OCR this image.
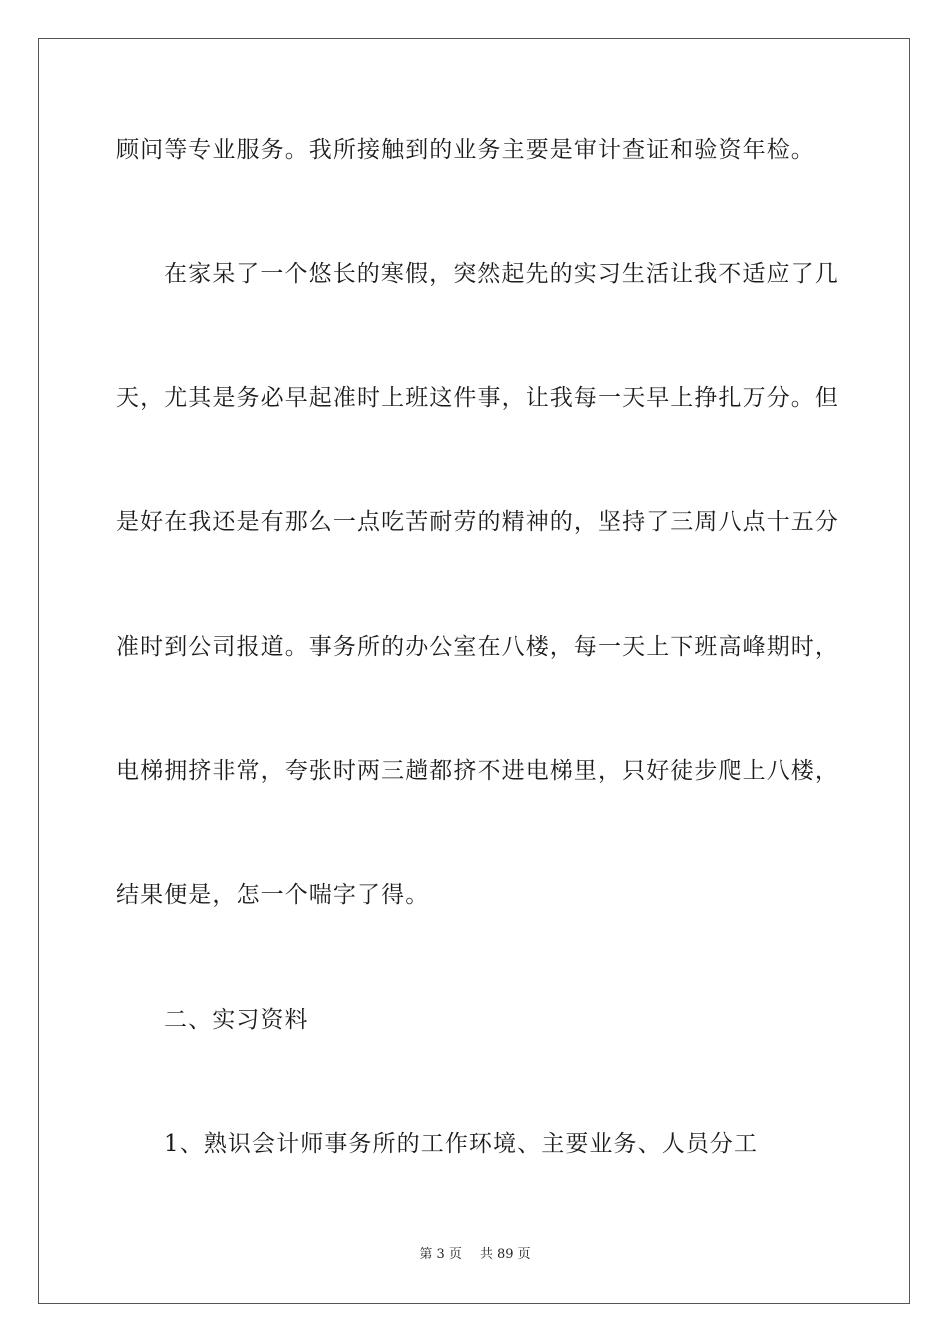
顾问等专业服务。我所接触到的业务主要是审计查证和验资年检。
在家呆了一个悠长的寒假，突然起先的实习生活让我不适应了几
天，尤其是务必早起准时上班这件事，让我每一天早上挣扎万分。但
是好在我还是有那么一点吃苦耐劳的精神的，坚持了三周八点十五分
准时到公司报道。事务所的办公室在八楼，每一天上下班高峰期时，
电梯拥挤非常，夸张时两三趟都挤不进电梯里，只好徒步爬上八楼，
结果便是，怎一个喘字了得。
二、实习资料
1、熟识会计师事务所的工作环境、主要业务、人员分工
第 3 页 共 89 页
